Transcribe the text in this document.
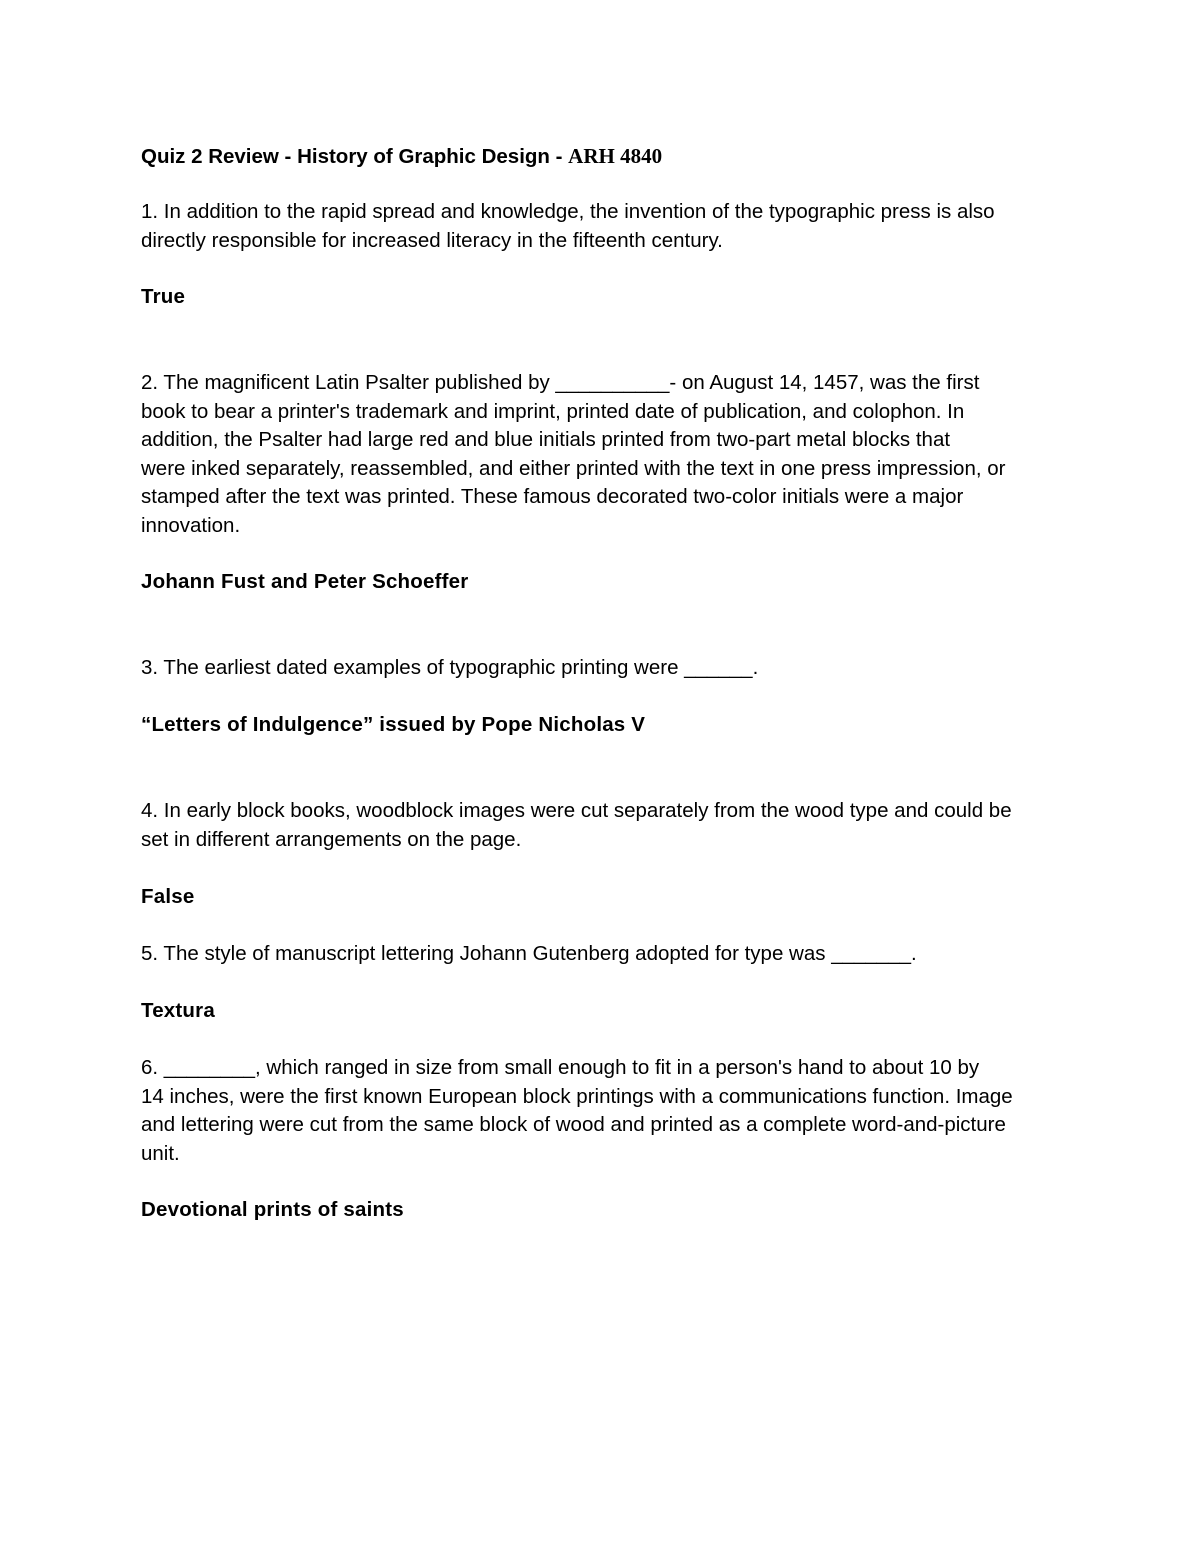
Quiz 2 Review - History of Graphic Design - ARH 4840

1. In addition to the rapid spread and knowledge, the invention of the typographic press is also
directly responsible for increased literacy in the fifteenth century.

True

2. The magnificent Latin Psalter published by __________- on August 14, 1457, was the first
book to bear a printer's trademark and imprint, printed date of publication, and colophon. In
addition, the Psalter had large red and blue initials printed from two-part metal blocks that
were inked separately, reassembled, and either printed with the text in one press impression, or
stamped after the text was printed. These famous decorated two-color initials were a major
innovation.

Johann Fust and Peter Schoeffer

3. The earliest dated examples of typographic printing were ______.

“Letters of Indulgence” issued by Pope Nicholas V

4. In early block books, woodblock images were cut separately from the wood type and could be
set in different arrangements on the page.

False

5. The style of manuscript lettering Johann Gutenberg adopted for type was _______.

Textura

6. ________, which ranged in size from small enough to fit in a person's hand to about 10 by
14 inches, were the first known European block printings with a communications function. Image
and lettering were cut from the same block of wood and printed as a complete word-and-picture
unit.

Devotional prints of saints
